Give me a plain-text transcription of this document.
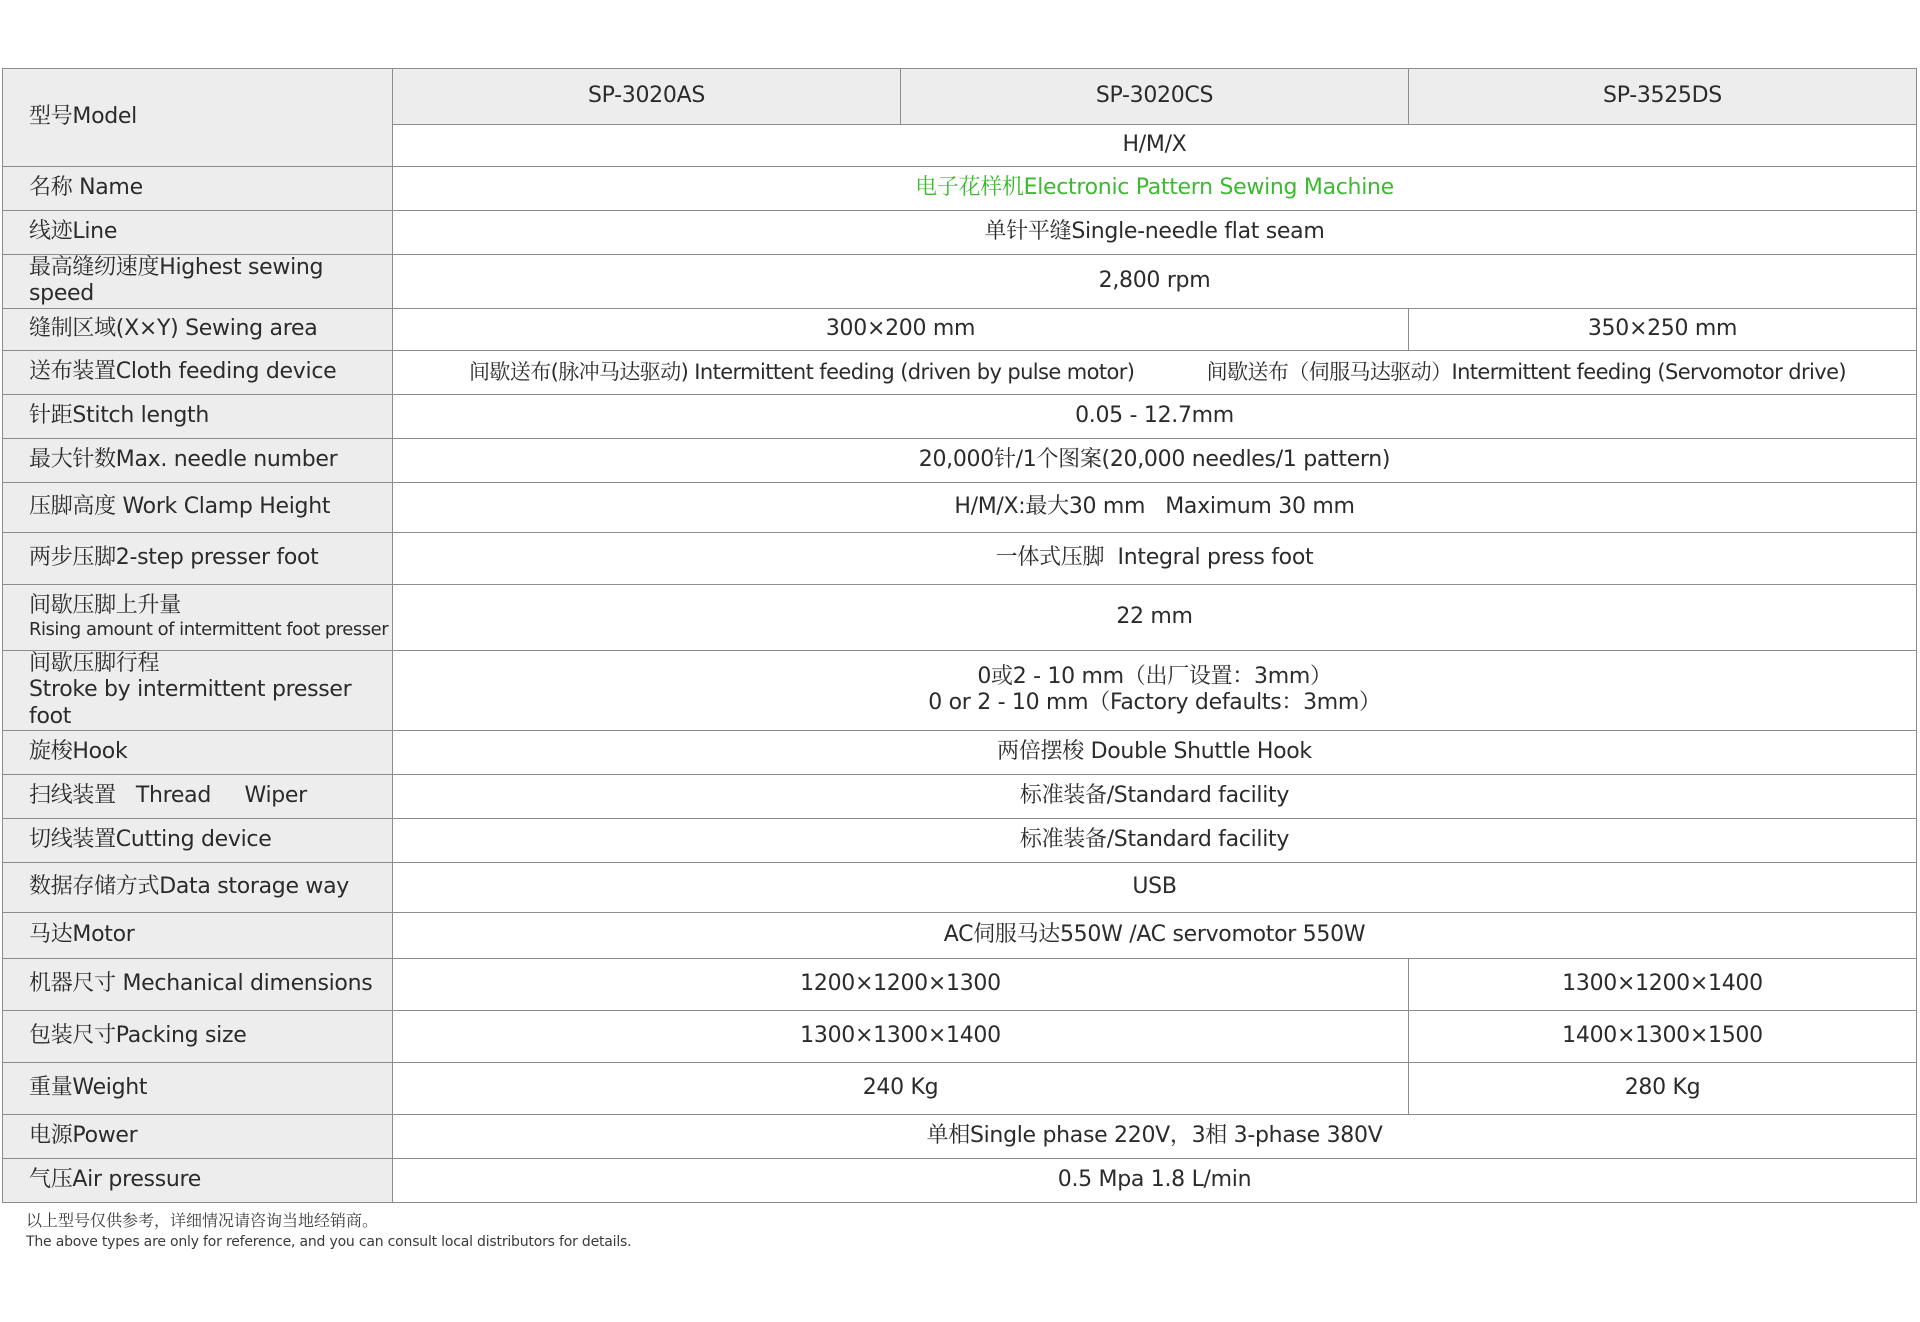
型号Model	SP-3020AS	SP-3020CS	SP-3525DS
	H/M/X		
名称 Name	电子花样机Electronic Pattern Sewing Machine		
线迹Line	单针平缝Single-needle flat seam		
最高缝纫速度Highest sewing speed	2,800 rpm		
缝制区域(X×Y) Sewing area	300×200 mm		350×250 mm
送布装置Cloth feeding device	间歇送布(脉冲马达驱动) Intermittent feeding (driven by pulse motor) 间歇送布（伺服马达驱动）Intermittent feeding (Servomotor drive)		

针距Stitch length	0.05 - 12.7mm		
最大针数Max. needle number	20,000针/1个图案(20,000 needles/1 pattern)		
压脚高度 Work Clamp Height	H/M/X:最大30 mm   Maximum 30 mm		
两步压脚2-step presser foot	一体式压脚  Integral press foot		

间歇压脚上升量
Rising amount of intermittent foot presser	22 mm		

间歇压脚行程
Stroke by intermittent presser foot	0或2 - 10 mm（出厂设置：3mm）
0 or 2 - 10 mm（Factory defaults：3mm）		

旋梭Hook	两倍摆梭 Double Shuttle Hook		
扫线装置   Thread     Wiper	标准装备/Standard facility		
切线装置Cutting device	标准装备/Standard facility		
数据存储方式Data storage way	USB		
马达Motor	AC伺服马达550W /AC servomotor 550W		
机器尺寸 Mechanical dimensions	1200×1200×1300		1300×1200×1400
包装尺寸Packing size	1300×1300×1400		1400×1300×1500
重量Weight	240 Kg		280 Kg
电源Power	单相Single phase 220V，3相 3-phase 380V		
气压Air pressure	0.5 Mpa 1.8 L/min		
以上型号仅供参考，详细情况请咨询当地经销商。
The above types are only for reference, and you can consult local distributors for details.
